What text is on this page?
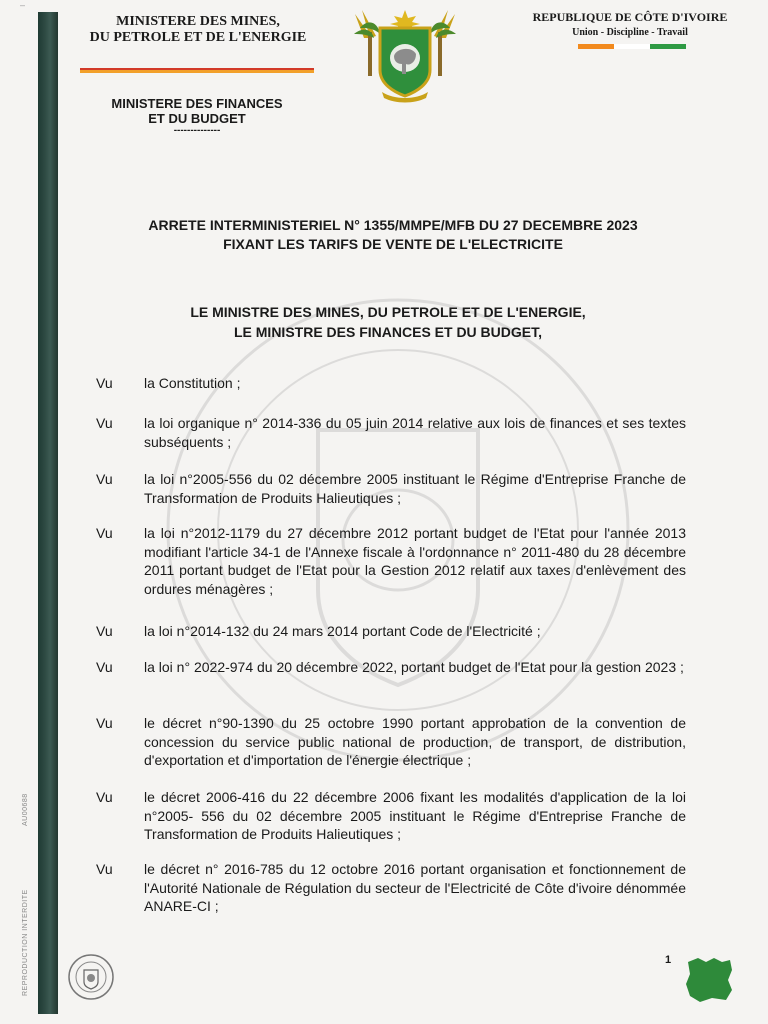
–
AU00688
REPRODUCTION INTERDITE
MINISTERE DES MINES,
DU PETROLE ET DE L'ENERGIE
MINISTERE DES FINANCES
ET DU BUDGET
--------------
REPUBLIQUE DE CÔTE D'IVOIRE
Union - Discipline - Travail
ARRETE INTERMINISTERIEL N° 1355/MMPE/MFB DU 27 DECEMBRE 2023
FIXANT LES TARIFS DE VENTE DE L'ELECTRICITE
LE MINISTRE DES MINES, DU PETROLE ET DE L'ENERGIE,
LE MINISTRE DES FINANCES ET DU BUDGET,
Vu	la Constitution ;
Vu	la loi organique n° 2014-336 du 05 juin 2014 relative aux lois de finances et ses textes subséquents ;
Vu	la loi n°2005-556 du 02 décembre 2005 instituant le Régime d'Entreprise Franche de Transformation de Produits Halieutiques ;
Vu	la loi n°2012-1179 du 27 décembre 2012 portant budget de l'Etat pour l'année 2013 modifiant l'article 34-1 de l'Annexe fiscale à l'ordonnance n° 2011-480 du 28 décembre 2011 portant budget de l'Etat pour la Gestion 2012 relatif aux taxes d'enlèvement des ordures ménagères ;
Vu	la loi n°2014-132 du 24 mars 2014 portant Code de l'Electricité ;
Vu	la loi n° 2022-974 du 20 décembre 2022, portant budget de l'Etat pour la gestion 2023 ;
Vu	le décret n°90-1390 du 25 octobre 1990 portant approbation de la convention de concession du service public national de production, de transport, de distribution, d'exportation et d'importation de l'énergie électrique ;
Vu	le décret 2006-416 du 22 décembre 2006 fixant les modalités d'application de la loi n°2005- 556 du 02 décembre 2005 instituant le Régime d'Entreprise Franche de Transformation de Produits Halieutiques ;
Vu	le décret n° 2016-785 du 12 octobre 2016 portant organisation et fonctionnement de l'Autorité Nationale de Régulation du secteur de l'Electricité de Côte d'ivoire dénommée ANARE-CI ;
1
